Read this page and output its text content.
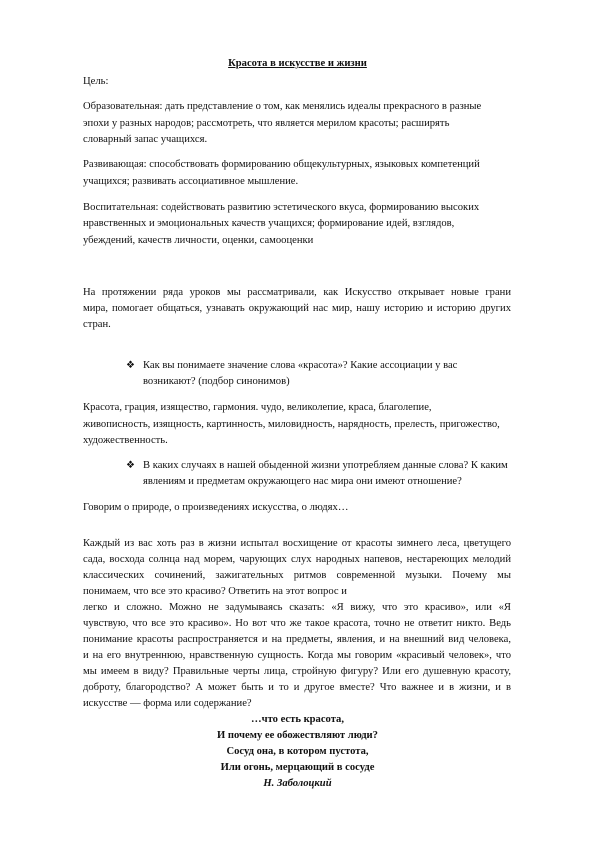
Красота в искусстве и жизни
Цель:
Образовательная: дать представление о том, как менялись идеалы прекрасного в разные
эпохи у разных народов; рассмотреть, что является мерилом красоты; расширять
словарный запас учащихся.
Развивающая: способствовать формированию общекультурных, языковых компетенций
учащихся; развивать ассоциативное мышление.
Воспитательная: содействовать развитию эстетического вкуса, формированию высоких
нравственных и эмоциональных качеств учащихся; формирование идей, взглядов,
убеждений, качеств личности, оценки, самооценки
На протяжении ряда уроков мы рассматривали, как Искусство открывает новые грани
мира, помогает общаться, узнавать окружающий нас мир, нашу историю и историю других
стран.
❖ Как вы понимаете значение слова «красота»? Какие ассоциации у вас
возникают? (подбор синонимов)
Красота, грация, изящество, гармония. чудо, великолепие, краса, благолепие,
живописность, изящность, картинность, миловидность, нарядность, прелесть, пригожество,
художественность.
❖ В каких случаях в нашей обыденной жизни употребляем данные слова? К каким
явлениям и предметам окружающего нас мира они имеют отношение?
Говорим о природе, о произведениях искусства, о людях…
Каждый из вас хоть раз в жизни испытал восхищение от красоты зимнего леса, цветущего
сада, восхода солнца над морем, чарующих слух народных напевов, нестареющих мелодий
классических сочинений, зажигательных ритмов современной музыки. Почему мы
понимаем, что все это красиво? Ответить на этот вопрос и
легко и сложно. Можно не задумываясь сказать: «Я вижу, что это красиво», или «Я
чувствую, что все это красиво». Но вот что же такое красота, точно не ответит никто. Ведь
понимание красоты распространяется и на предметы, явления, и на внешний вид человека,
и на его внутреннюю, нравственную сущность. Когда мы говорим «красивый человек», что
мы имеем в виду? Правильные черты лица, стройную фигуру? Или его душевную красоту,
доброту, благородство? А может быть и то и другое вместе? Что важнее и в жизни, и в
искусстве — форма или содержание?
…что есть красота,
И почему ее обожествляют люди?
Сосуд она, в котором пустота,
Или огонь, мерцающий в сосуде
Н. Заболоцкий
